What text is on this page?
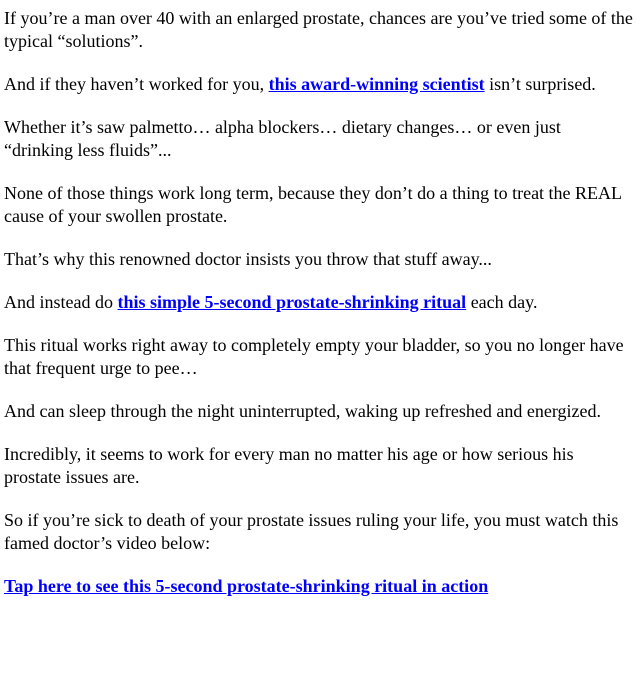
If you’re a man over 40 with an enlarged prostate, chances are you’ve tried some of the typical “solutions”.

And if they haven’t worked for you, this award-winning scientist isn’t surprised.

Whether it’s saw palmetto… alpha blockers… dietary changes… or even just “drinking less fluids”...

None of those things work long term, because they don’t do a thing to treat the REAL cause of your swollen prostate.

That’s why this renowned doctor insists you throw that stuff away...

And instead do this simple 5-second prostate-shrinking ritual each day.

This ritual works right away to completely empty your bladder, so you no longer have that frequent urge to pee…

And can sleep through the night uninterrupted, waking up refreshed and energized.

Incredibly, it seems to work for every man no matter his age or how serious his prostate issues are.

So if you’re sick to death of your prostate issues ruling your life, you must watch this famed doctor’s video below:

Tap here to see this 5-second prostate-shrinking ritual in action
